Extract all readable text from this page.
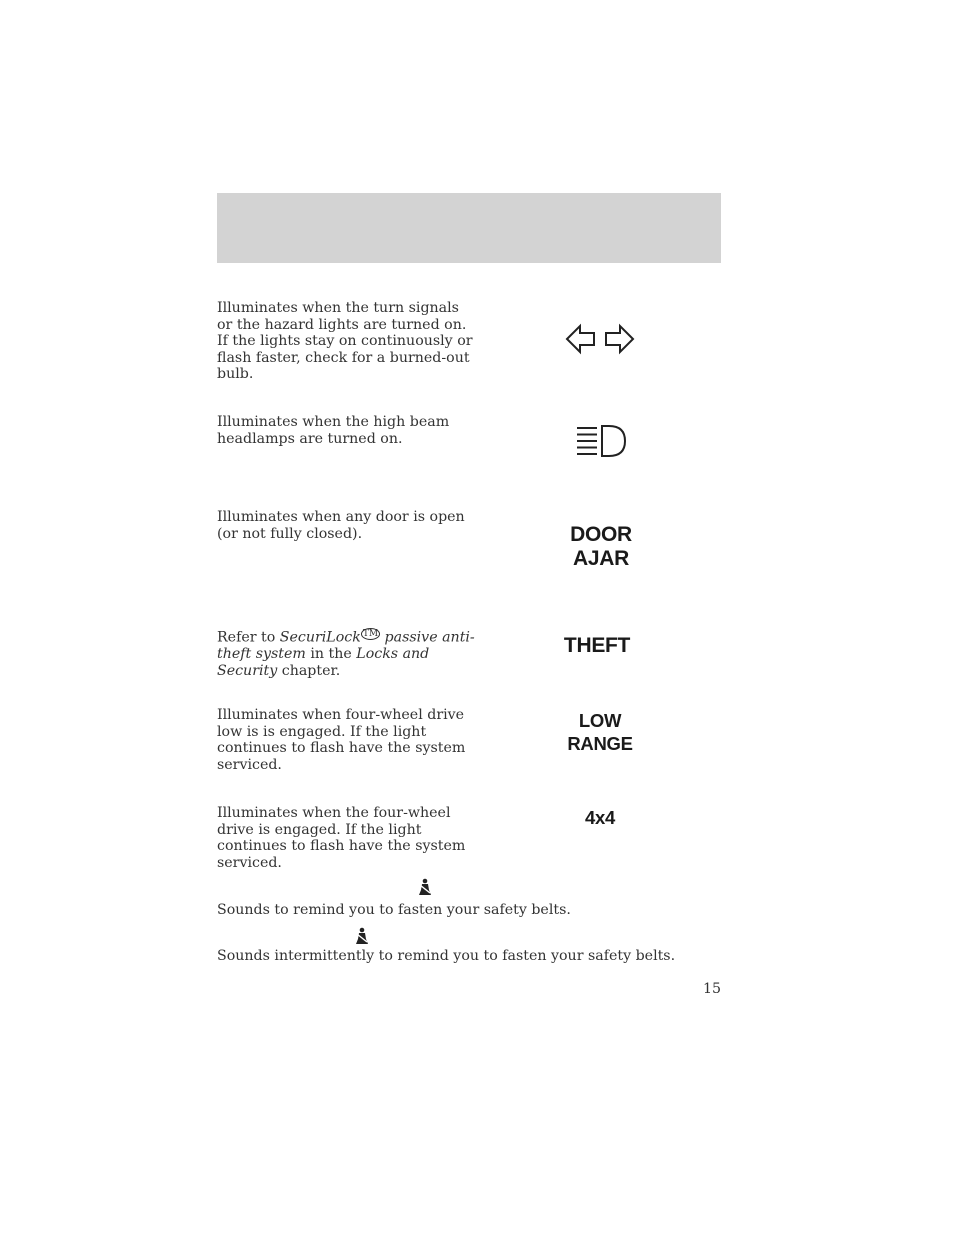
Illuminates when the turn signals or the hazard lights are turned on. If the lights stay on continuously or flash faster, check for a burned-out bulb.
Illuminates when the high beam headlamps are turned on.
Illuminates when any door is open (or not fully closed).	DOOR
AJAR
Refer to SecuriLock ™ passive anti-theft system in the Locks and Security chapter.
THEFT
Illuminates when four-wheel drive low is is engaged. If the light continues to flash have the system serviced.
LOW
RANGE
Illuminates when the four-wheel drive is engaged. If the light continues to flash have the system serviced.
4x4
Sounds to remind you to fasten your safety belts.
Sounds intermittently to remind you to fasten your safety belts.
15
